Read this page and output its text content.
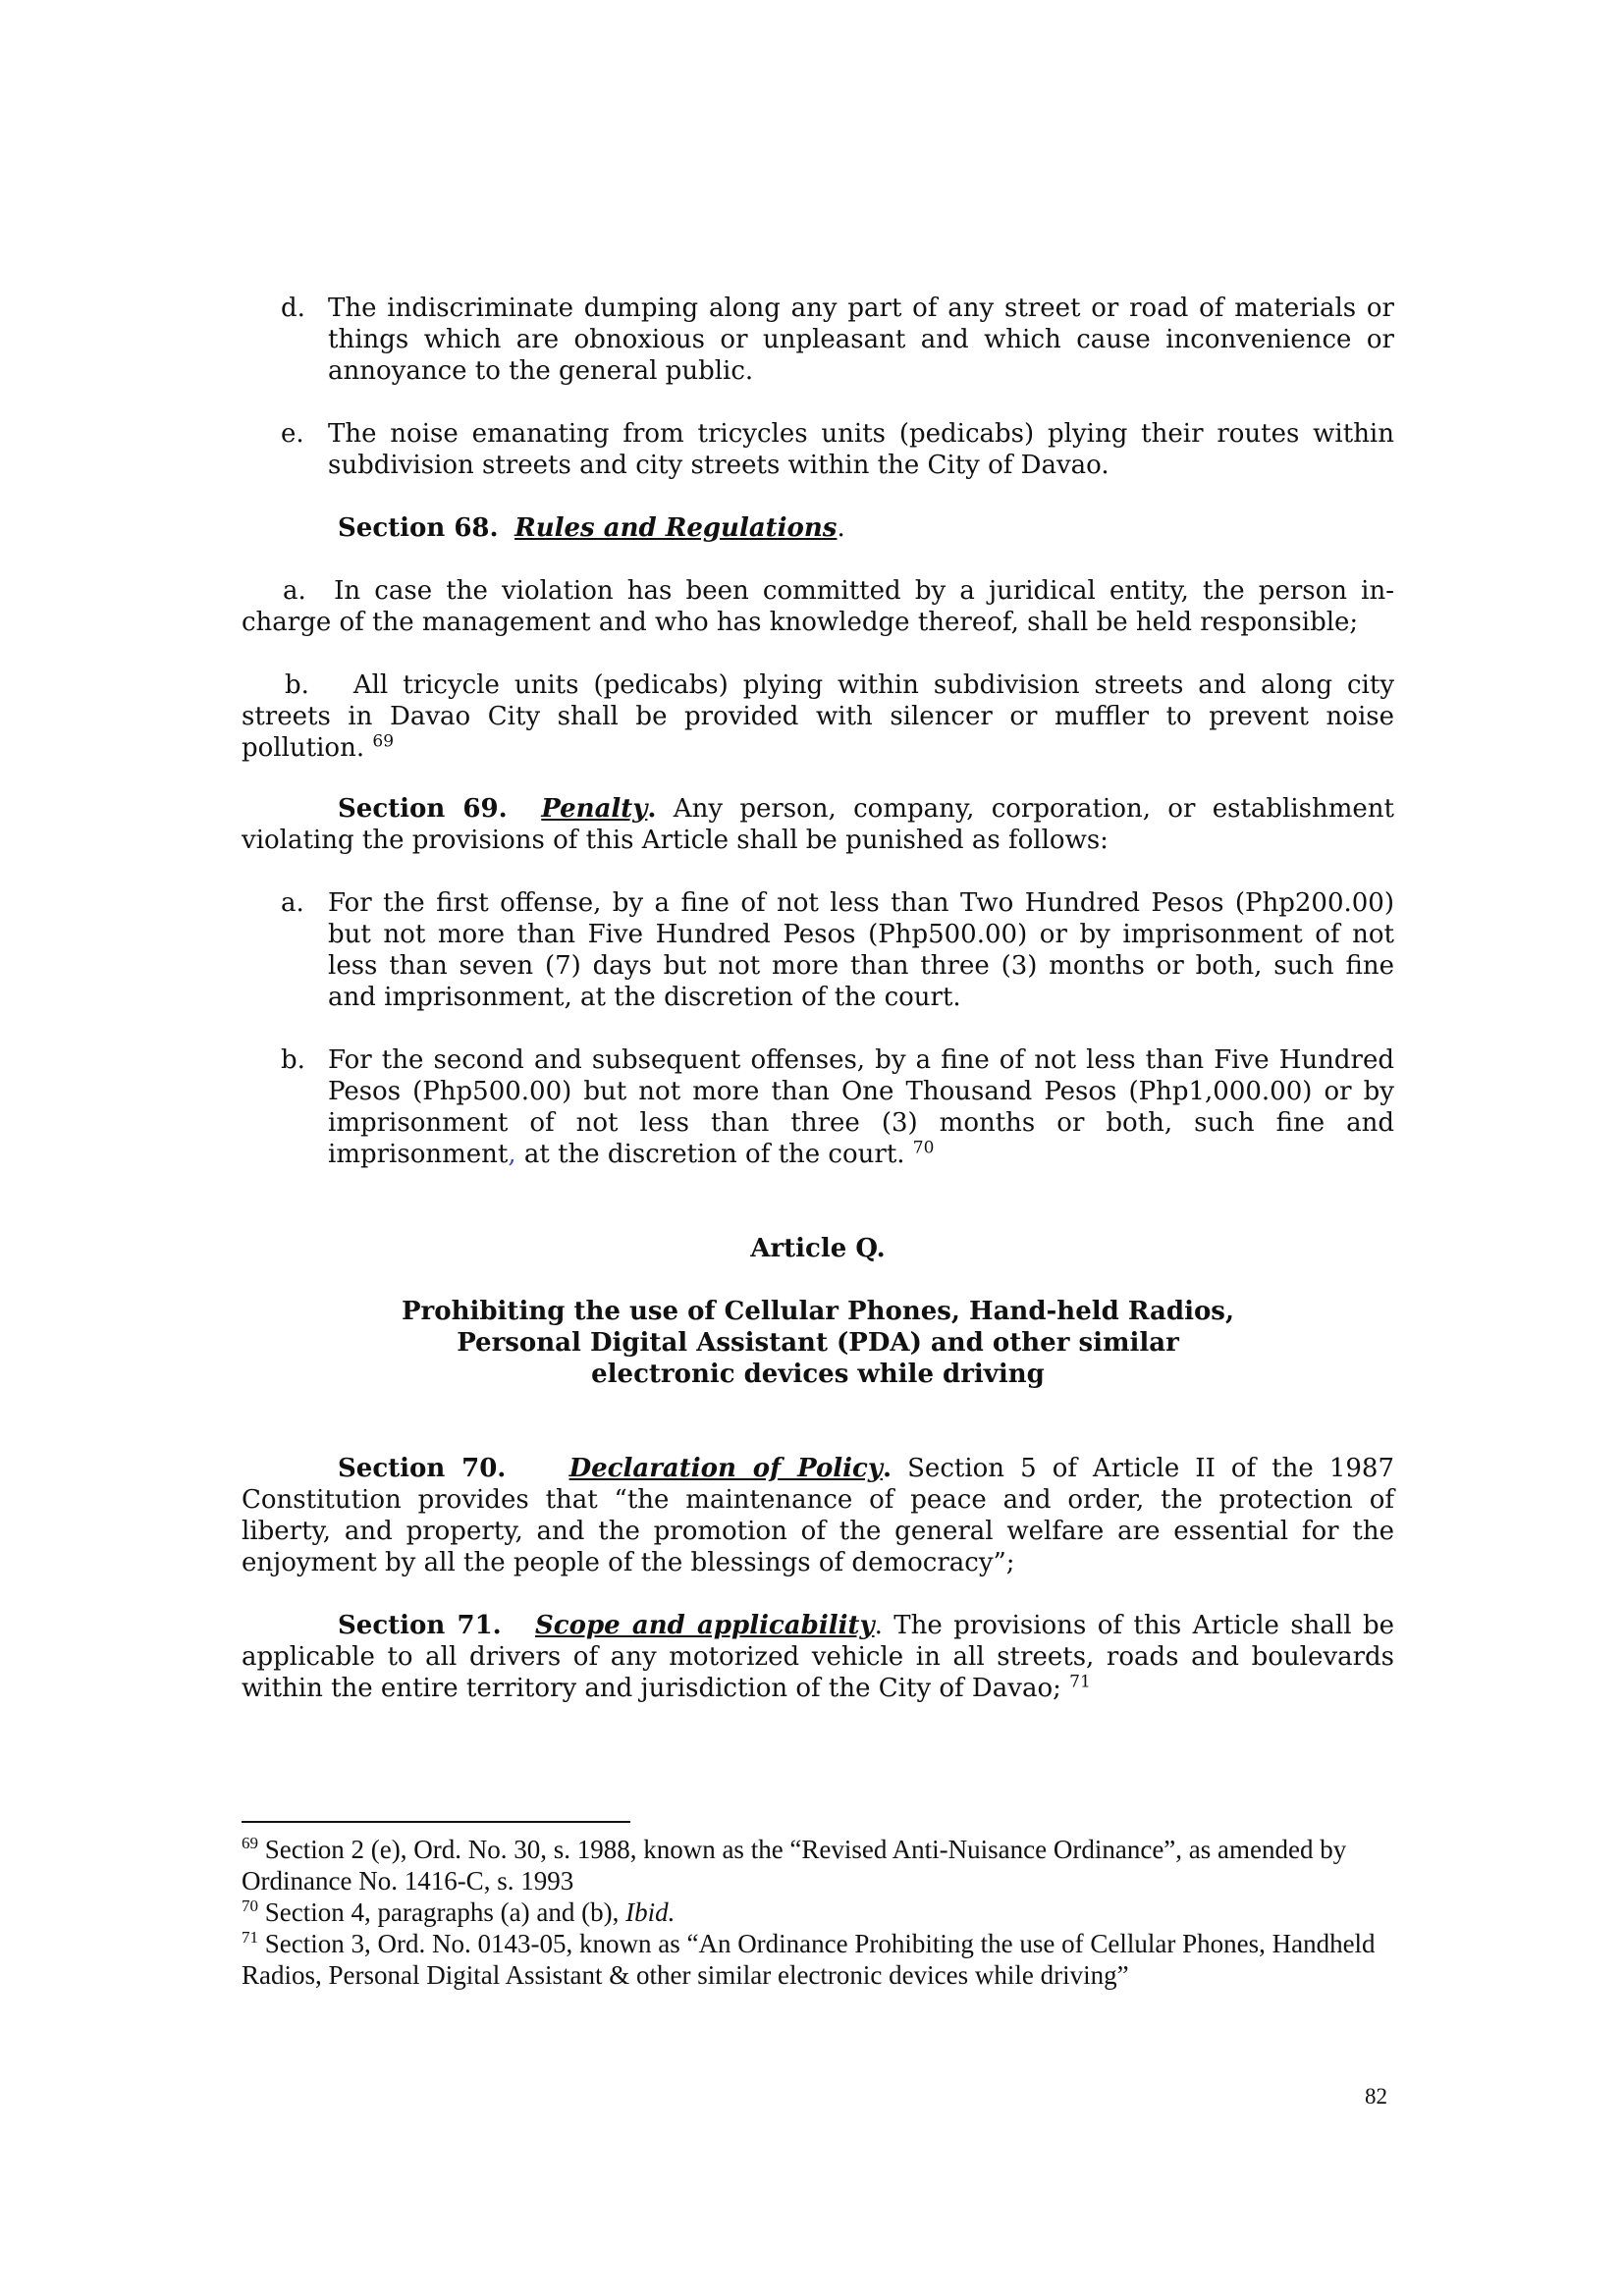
d. The indiscriminate dumping along any part of any street or road of materials or things which are obnoxious or unpleasant and which cause inconvenience or annoyance to the general public.
e. The noise emanating from tricycles units (pedicabs) plying their routes within subdivision streets and city streets within the City of Davao.
Section 68. Rules and Regulations.
a. In case the violation has been committed by a juridical entity, the person in-charge of the management and who has knowledge thereof, shall be held responsible;
b. All tricycle units (pedicabs) plying within subdivision streets and along city streets in Davao City shall be provided with silencer or muffler to prevent noise pollution. $^{69}$
Section 69. Penalty. Any person, company, corporation, or establishment violating the provisions of this Article shall be punished as follows:
a. For the first offense, by a fine of not less than Two Hundred Pesos (Php200.00) but not more than Five Hundred Pesos (Php500.00) or by imprisonment of not less than seven (7) days but not more than three (3) months or both, such fine and imprisonment, at the discretion of the court.
b. For the second and subsequent offenses, by a fine of not less than Five Hundred Pesos (Php500.00) but not more than One Thousand Pesos (Php1,000.00) or by imprisonment of not less than three (3) months or both, such fine and imprisonment, at the discretion of the court. $^{70}$
Article Q.
Prohibiting the use of Cellular Phones, Hand-held Radios,
Personal Digital Assistant (PDA) and other similar
electronic devices while driving
Section 70. Declaration of Policy. Section 5 of Article II of the 1987 Constitution provides that “the maintenance of peace and order, the protection of liberty, and property, and the promotion of the general welfare are essential for the enjoyment by all the people of the blessings of democracy”;
Section 71. Scope and applicability. The provisions of this Article shall be applicable to all drivers of any motorized vehicle in all streets, roads and boulevards within the entire territory and jurisdiction of the City of Davao; $^{71}$
$^{69}$ Section 2 (e), Ord. No. 30, s. 1988, known as the “Revised Anti-Nuisance Ordinance”, as amended by Ordinance No. 1416-C, s. 1993
$^{70}$ Section 4, paragraphs (a) and (b), Ibid.
$^{71}$ Section 3, Ord. No. 0143-05, known as “An Ordinance Prohibiting the use of Cellular Phones, Handheld Radios, Personal Digital Assistant & other similar electronic devices while driving”
82
